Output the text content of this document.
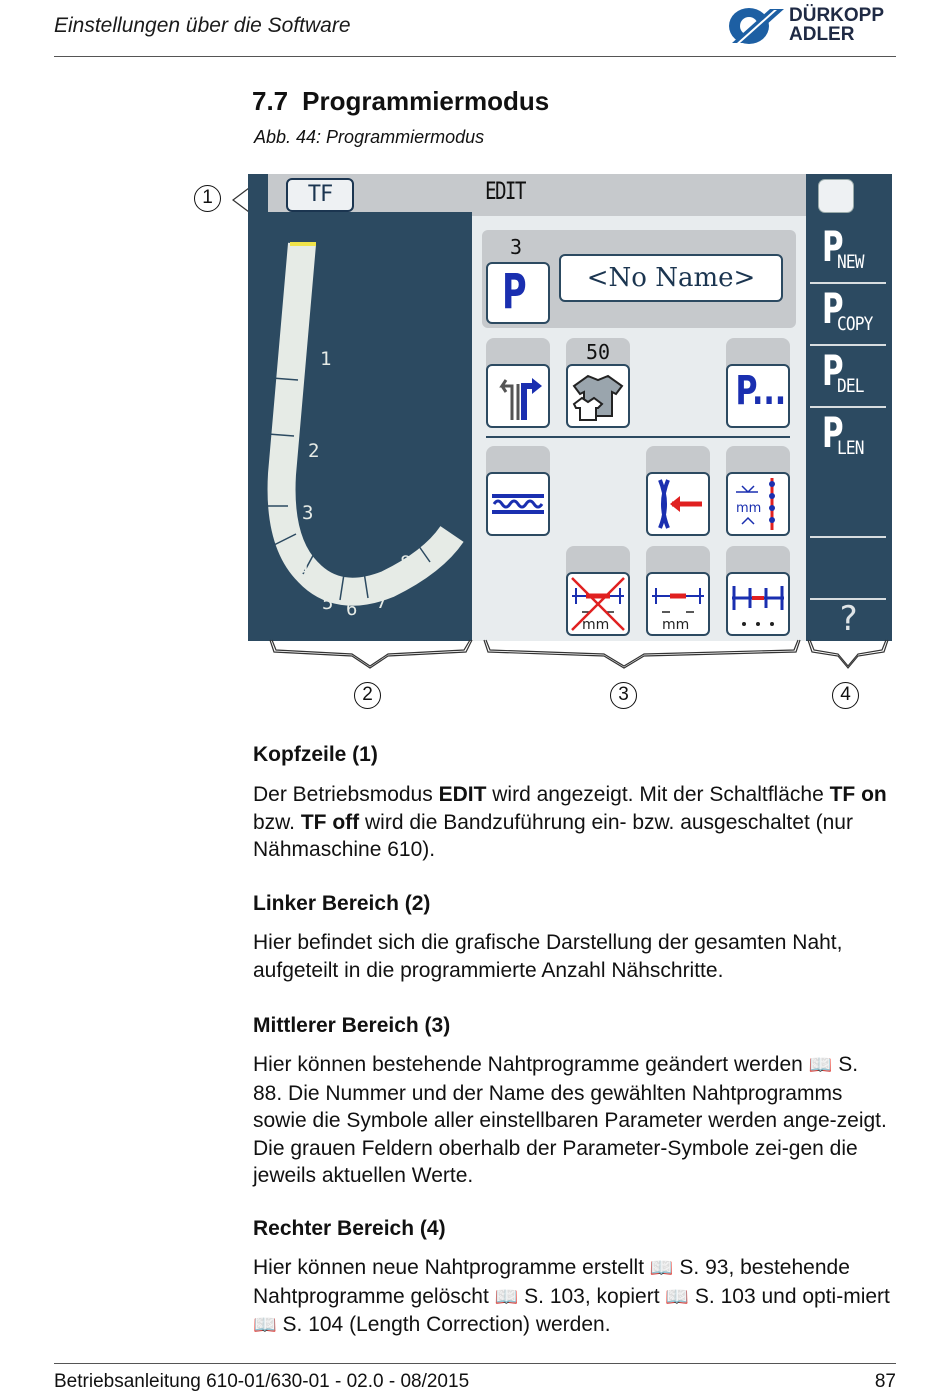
Einstellungen über die Software	DÜRKOPP
ADLER
7.7 Programmiermodus
Abb. 44: Programmiermodus
1	TF	EDIT
1
2
3
4
5 6 7
8
P
NEW
P
COPY
P
DEL
P
LEN
?
3
P	<No Name>
50
P...
mm
mm	mm
2	3	4
Kopfzeile (1)
Der Betriebsmodus EDIT wird angezeigt. Mit der Schaltfläche TF on bzw. TF off wird die Bandzuführung ein- bzw. ausgeschaltet (nur Nähmaschine 610).
Linker Bereich (2)
Hier befindet sich die grafische Darstellung der gesamten Naht, aufgeteilt in die programmierte Anzahl Nähschritte.
Mittlerer Bereich (3)
Hier können bestehende Nahtprogramme geändert werden 📖 S. 88. Die Nummer und der Name des gewählten Nahtprogramms sowie die Symbole aller einstellbaren Parameter werden ange-zeigt. Die grauen Feldern oberhalb der Parameter-Symbole zei-gen die jeweils aktuellen Werte.
Rechter Bereich (4)
Hier können neue Nahtprogramme erstellt 📖 S. 93, bestehende Nahtprogramme gelöscht 📖 S. 103, kopiert 📖 S. 103 und opti-miert 📖 S. 104 (Length Correction) werden.
Betriebsanleitung 610-01/630-01 - 02.0 - 08/2015	87
